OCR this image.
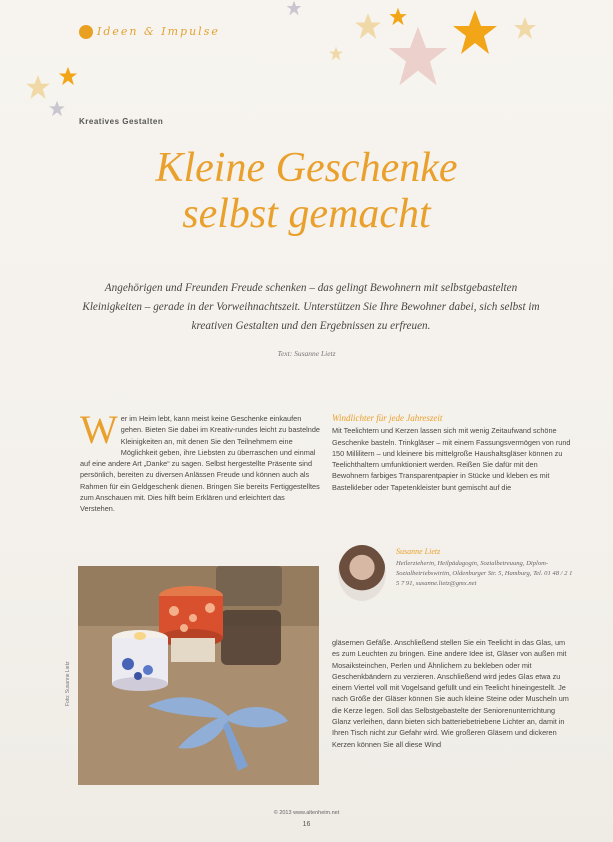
Ideen & Impulse
Kreatives Gestalten
Kleine Geschenke
selbst gemacht
Angehörigen und Freunden Freude schenken – das gelingt Bewohnern mit selbstgebastelten Kleinigkeiten – gerade in der Vorweihnachtszeit. Unterstützen Sie Ihre Bewohner dabei, sich selbst im kreativen Gestalten und den Ergebnissen zu erfreuen.
Text: Susanne Lietz
W er im Heim lebt, kann meist keine Geschenke einkaufen gehen. Bieten Sie dabei im Kreativ-rundes leicht zu bastelnde Kleinigkeiten an, mit denen Sie den Teilnehmern eine Möglichkeit geben, ihre Liebsten zu überraschen und einmal auf eine andere Art „Danke“ zu sagen. Selbst hergestellte Präsente sind persönlich, bereiten zu diversen Anlässen Freude und können auch als Rahmen für ein Geldgeschenk dienen. Bringen Sie bereits Fertiggestelltes zum Anschauen mit. Dies hilft beim Erklären und erleichtert das Verstehen.
Windlichter für jede Jahreszeit
Mit Teelichtern und Kerzen lassen sich mit wenig Zeitaufwand schöne Geschenke basteln. Trinkgläser – mit einem Fassungsvermögen von rund 150 Millilitern – und kleinere bis mittelgroße Haushaltsgläser können zu Teelichthaltern umfunktioniert werden. Reißen Sie dafür mit den Bewohnern farbiges Transparentpapier in Stücke und kleben es mit Bastelkleber oder Tapetenkleister bunt gemischt auf die
Susanne Lietz
Heilerzieherin, Heilpädagogin, Sozialbetreuung, Diplom-Sozialbetriebswirtin, Oldenburger Str. 5, Hamburg, Tel. 01 48 / 2 1 5 7 91, susanne.lietz@gmx.net
gläsernen Gefäße. Anschließend stellen Sie ein Teelicht in das Glas, um es zum Leuchten zu bringen. Eine andere Idee ist, Gläser von außen mit Mosaiksteinchen, Perlen und Ähnlichem zu bekleben oder mit Geschenkbändern zu verzieren. Anschließend wird jedes Glas etwa zu einem Viertel voll mit Vogelsand gefüllt und ein Teelicht hineingestellt. Je nach Größe der Gläser können Sie auch kleine Steine oder Muscheln um die Kerze legen. Soll das Selbstgebastelte der Seniorenunterrichtung Glanz verleihen, dann bieten sich batteriebetriebene Lichter an, damit in Ihren Tisch nicht zur Gefahr wird. Wie großeren Gläsern und dickeren Kerzen können Sie all diese Wind
Foto: Susanne Lietz
© 2013 www.altenheim.net
16
